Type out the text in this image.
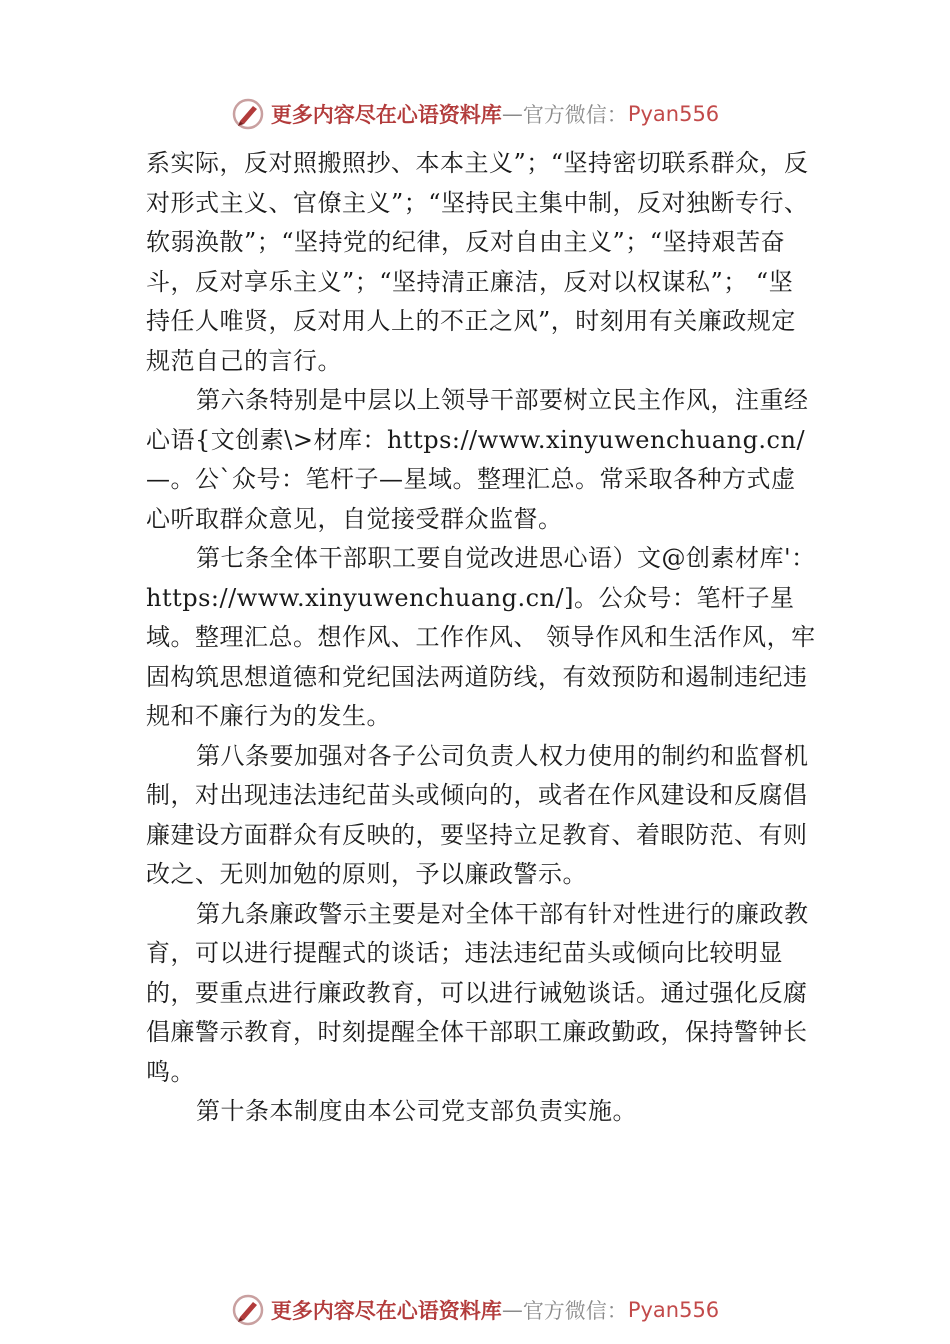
更多内容尽在心语资料库 — 官方微信： Pyan556

系实际，反对照搬照抄、本本主义”；“坚持密切联系群众，反对形式主义、官僚主义”；“坚持民主集中制，反对独断专行、软弱涣散”；“坚持党的纪律，反对自由主义”；“坚持艰苦奋斗，反对享乐主义”；“坚持清正廉洁，反对以权谋私”； “坚持任人唯贤，反对用人上的不正之风”，时刻用有关廉政规定规范自己的言行。

第六条特别是中层以上领导干部要树立民主作风，注重经心语{文创素\>材库：https://www.xinyuwenchuang.cn/—。公`众号：笔杆子—星域。整理汇总。常采取各种方式虚心听取群众意见，自觉接受群众监督。

第七条全体干部职工要自觉改进思心语）文@创素材库'：https://www.xinyuwenchuang.cn/]。公众号：笔杆子星域。整理汇总。想作风、工作作风、 领导作风和生活作风，牢固构筑思想道德和党纪国法两道防线，有效预防和遏制违纪违规和不廉行为的发生。

第八条要加强对各子公司负责人权力使用的制约和监督机制，对出现违法违纪苗头或倾向的，或者在作风建设和反腐倡廉建设方面群众有反映的，要坚持立足教育、着眼防范、有则改之、无则加勉的原则，予以廉政警示。

第九条廉政警示主要是对全体干部有针对性进行的廉政教育，可以进行提醒式的谈话；违法违纪苗头或倾向比较明显的，要重点进行廉政教育，可以进行诫勉谈话。通过强化反腐倡廉警示教育，时刻提醒全体干部职工廉政勤政，保持警钟长鸣。

第十条本制度由本公司党支部负责实施。

更多内容尽在心语资料库 — 官方微信： Pyan556
